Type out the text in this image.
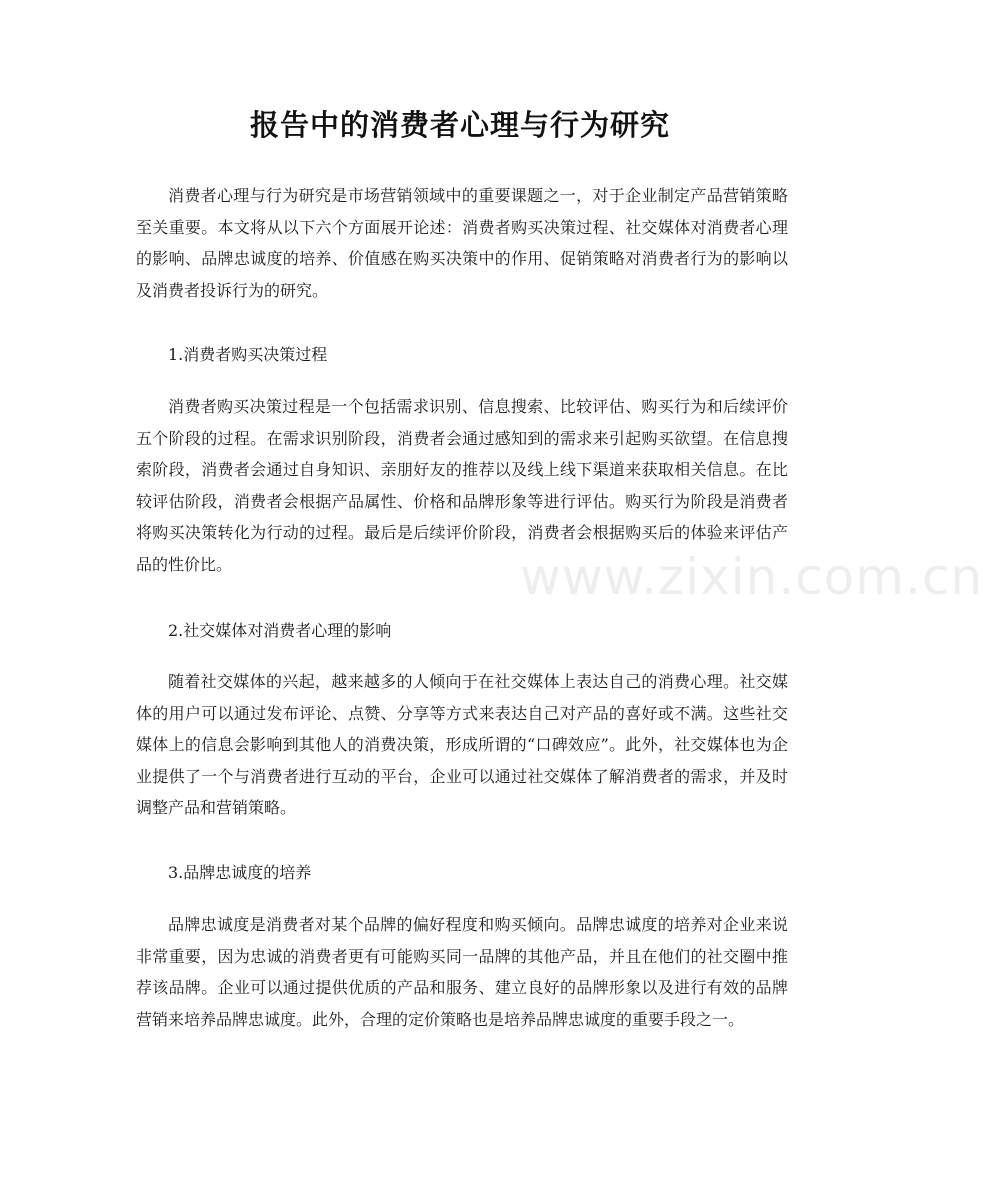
报告中的消费者心理与行为研究

消费者心理与行为研究是市场营销领域中的重要课题之一，对于企业制定产品营销策略至关重要。本文将从以下六个方面展开论述：消费者购买决策过程、社交媒体对消费者心理的影响、品牌忠诚度的培养、价值感在购买决策中的作用、促销策略对消费者行为的影响以及消费者投诉行为的研究。

1.消费者购买决策过程

消费者购买决策过程是一个包括需求识别、信息搜索、比较评估、购买行为和后续评价五个阶段的过程。在需求识别阶段，消费者会通过感知到的需求来引起购买欲望。在信息搜索阶段，消费者会通过自身知识、亲朋好友的推荐以及线上线下渠道来获取相关信息。在比较评估阶段，消费者会根据产品属性、价格和品牌形象等进行评估。购买行为阶段是消费者将购买决策转化为行动的过程。最后是后续评价阶段，消费者会根据购买后的体验来评估产品的性价比。

2.社交媒体对消费者心理的影响

随着社交媒体的兴起，越来越多的人倾向于在社交媒体上表达自己的消费心理。社交媒体的用户可以通过发布评论、点赞、分享等方式来表达自己对产品的喜好或不满。这些社交媒体上的信息会影响到其他人的消费决策，形成所谓的“口碑效应”。此外，社交媒体也为企业提供了一个与消费者进行互动的平台，企业可以通过社交媒体了解消费者的需求，并及时调整产品和营销策略。

3.品牌忠诚度的培养

品牌忠诚度是消费者对某个品牌的偏好程度和购买倾向。品牌忠诚度的培养对企业来说非常重要，因为忠诚的消费者更有可能购买同一品牌的其他产品，并且在他们的社交圈中推荐该品牌。企业可以通过提供优质的产品和服务、建立良好的品牌形象以及进行有效的品牌营销来培养品牌忠诚度。此外，合理的定价策略也是培养品牌忠诚度的重要手段之一。

www.zixin.com.cn
